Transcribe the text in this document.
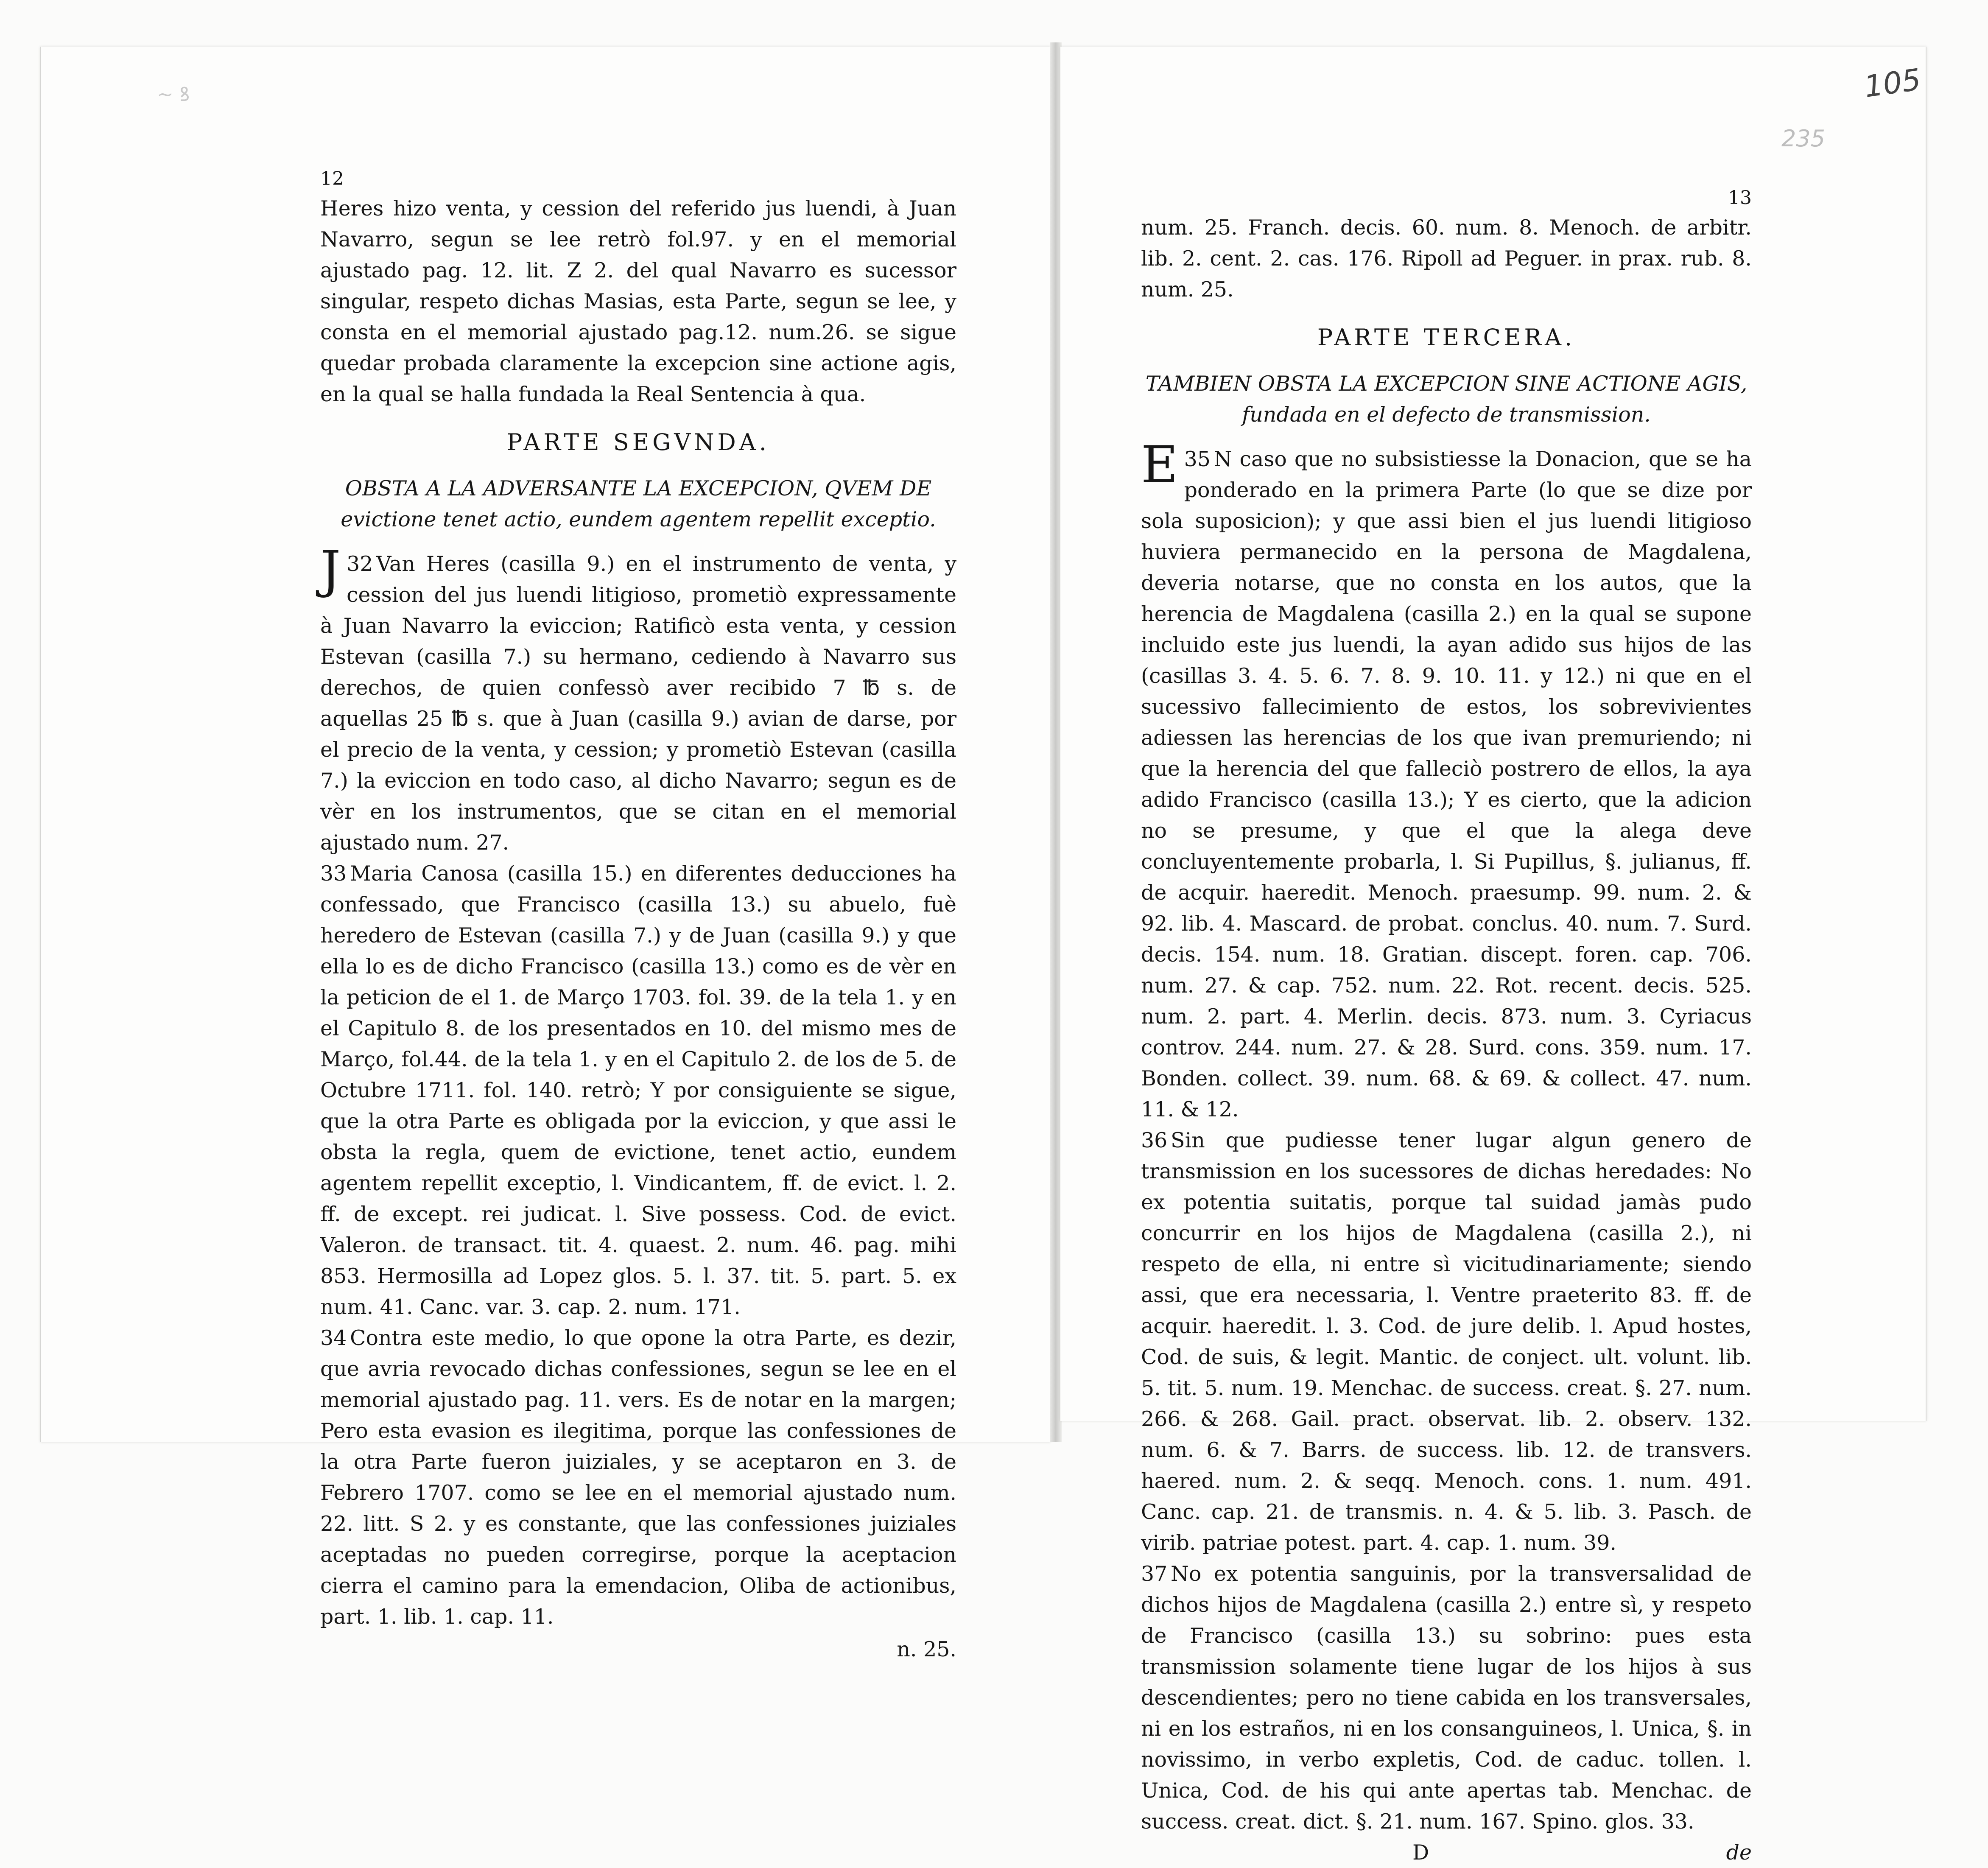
~ ꝸ	105
235
12

Heres hizo venta, y cession del referido jus luendi, à Juan Navarro, segun se lee retrò fol.97. y en el memorial ajustado pag. 12. lit. Z 2. del qual Navarro es sucessor singular, respeto dichas Masias, esta Parte, segun se lee, y consta en el memorial ajustado pag.12. num.26. se sigue quedar probada claramente la excepcion sine actione agis, en la qual se halla fundada la Real Sentencia à qua.

PARTE SEGVNDA.

OBSTA A LA ADVERSANTE LA EXCEPCION, QVEM DE evictione tenet actio, eundem agentem repellit exceptio.

32
J Van Heres (casilla 9.) en el instrumento de venta, y cession del jus luendi litigioso, prometiò expressamente à Juan Navarro la eviccion; Ratificò esta venta, y cession Estevan (casilla 7.) su hermano, cediendo à Navarro sus derechos, de quien confessò aver recibido 7 ℔ s. de aquellas 25 ℔ s. que à Juan (casilla 9.) avian de darse, por el precio de la venta, y cession; y prometiò Estevan (casilla 7.) la eviccion en todo caso, al dicho Navarro; segun es de vèr en los instrumentos, que se citan en el memorial ajustado num. 27.

33 Maria Canosa (casilla 15.) en diferentes deducciones ha confessado, que Francisco (casilla 13.) su abuelo, fuè heredero de Estevan (casilla 7.) y de Juan (casilla 9.) y que ella lo es de dicho Francisco (casilla 13.) como es de vèr en la peticion de el 1. de Março 1703. fol. 39. de la tela 1. y en el Capitulo 8. de los presentados en 10. del mismo mes de Março, fol.44. de la tela 1. y en el Capitulo 2. de los de 5. de Octubre 1711. fol. 140. retrò; Y por consiguiente se sigue, que la otra Parte es obligada por la eviccion, y que assi le obsta la regla, quem de evictione, tenet actio, eundem agentem repellit exceptio, l. Vindicantem, ff. de evict. l. 2. ff. de except. rei judicat. l. Sive possess. Cod. de evict. Valeron. de transact. tit. 4. quaest. 2. num. 46. pag. mihi 853. Hermosilla ad Lopez glos. 5. l. 37. tit. 5. part. 5. ex num. 41. Canc. var. 3. cap. 2. num. 171.

34 Contra este medio, lo que opone la otra Parte, es dezir, que avria revocado dichas confessiones, segun se lee en el memorial ajustado pag. 11. vers. Es de notar en la margen; Pero esta evasion es ilegitima, porque las confessiones de la otra Parte fueron juiziales, y se aceptaron en 3. de Febrero 1707. como se lee en el memorial ajustado num. 22. litt. S 2. y es constante, que las confessiones juiziales aceptadas no pueden corregirse, porque la aceptacion cierra el camino para la emendacion, Oliba de actionibus, part. 1. lib. 1. cap. 11.

n. 25.
13

num. 25. Franch. decis. 60. num. 8. Menoch. de arbitr. lib. 2. cent. 2. cas. 176. Ripoll ad Peguer. in prax. rub. 8. num. 25.

PARTE TERCERA.

TAMBIEN OBSTA LA EXCEPCION SINE ACTIONE AGIS, fundada en el defecto de transmission.

35
E N caso que no subsistiesse la Donacion, que se ha ponderado en la primera Parte (lo que se dize por sola suposicion); y que assi bien el jus luendi litigioso huviera permanecido en la persona de Magdalena, deveria notarse, que no consta en los autos, que la herencia de Magdalena (casilla 2.) en la qual se supone incluido este jus luendi, la ayan adido sus hijos de las (casillas 3. 4. 5. 6. 7. 8. 9. 10. 11. y 12.) ni que en el sucessivo fallecimiento de estos, los sobrevivientes adiessen las herencias de los que ivan premuriendo; ni que la herencia del que falleciò postrero de ellos, la aya adido Francisco (casilla 13.); Y es cierto, que la adicion no se presume, y que el que la alega deve concluyentemente probarla, l. Si Pupillus, §. julianus, ff. de acquir. haeredit. Menoch. praesump. 99. num. 2. & 92. lib. 4. Mascard. de probat. conclus. 40. num. 7. Surd. decis. 154. num. 18. Gratian. discept. foren. cap. 706. num. 27. & cap. 752. num. 22. Rot. recent. decis. 525. num. 2. part. 4. Merlin. decis. 873. num. 3. Cyriacus controv. 244. num. 27. & 28. Surd. cons. 359. num. 17. Bonden. collect. 39. num. 68. & 69. & collect. 47. num. 11. & 12.

36 Sin que pudiesse tener lugar algun genero de transmission en los sucessores de dichas heredades: No ex potentia suitatis, porque tal suidad jamàs pudo concurrir en los hijos de Magdalena (casilla 2.), ni respeto de ella, ni entre sì vicitudinariamente; siendo assi, que era necessaria, l. Ventre praeterito 83. ff. de acquir. haeredit. l. 3. Cod. de jure delib. l. Apud hostes, Cod. de suis, & legit. Mantic. de conject. ult. volunt. lib. 5. tit. 5. num. 19. Menchac. de success. creat. §. 27. num. 266. & 268. Gail. pract. observat. lib. 2. observ. 132. num. 6. & 7. Barrs. de success. lib. 12. de transvers. haered. num. 2. & seqq. Menoch. cons. 1. num. 491. Canc. cap. 21. de transmis. n. 4. & 5. lib. 3. Pasch. de virib. patriae potest. part. 4. cap. 1. num. 39.

37 No ex potentia sanguinis, por la transversalidad de dichos hijos de Magdalena (casilla 2.) entre sì, y respeto de Francisco (casilla 13.) su sobrino: pues esta transmission solamente tiene lugar de los hijos à sus descendientes; pero no tiene cabida en los transversales, ni en los estraños, ni en los consanguineos, l. Unica, §. in novissimo, in verbo expletis, Cod. de caduc. tollen. l. Unica, Cod. de his qui ante apertas tab. Menchac. de success. creat. dict. §. 21. num. 167. Spino. glos. 33.

D	de
